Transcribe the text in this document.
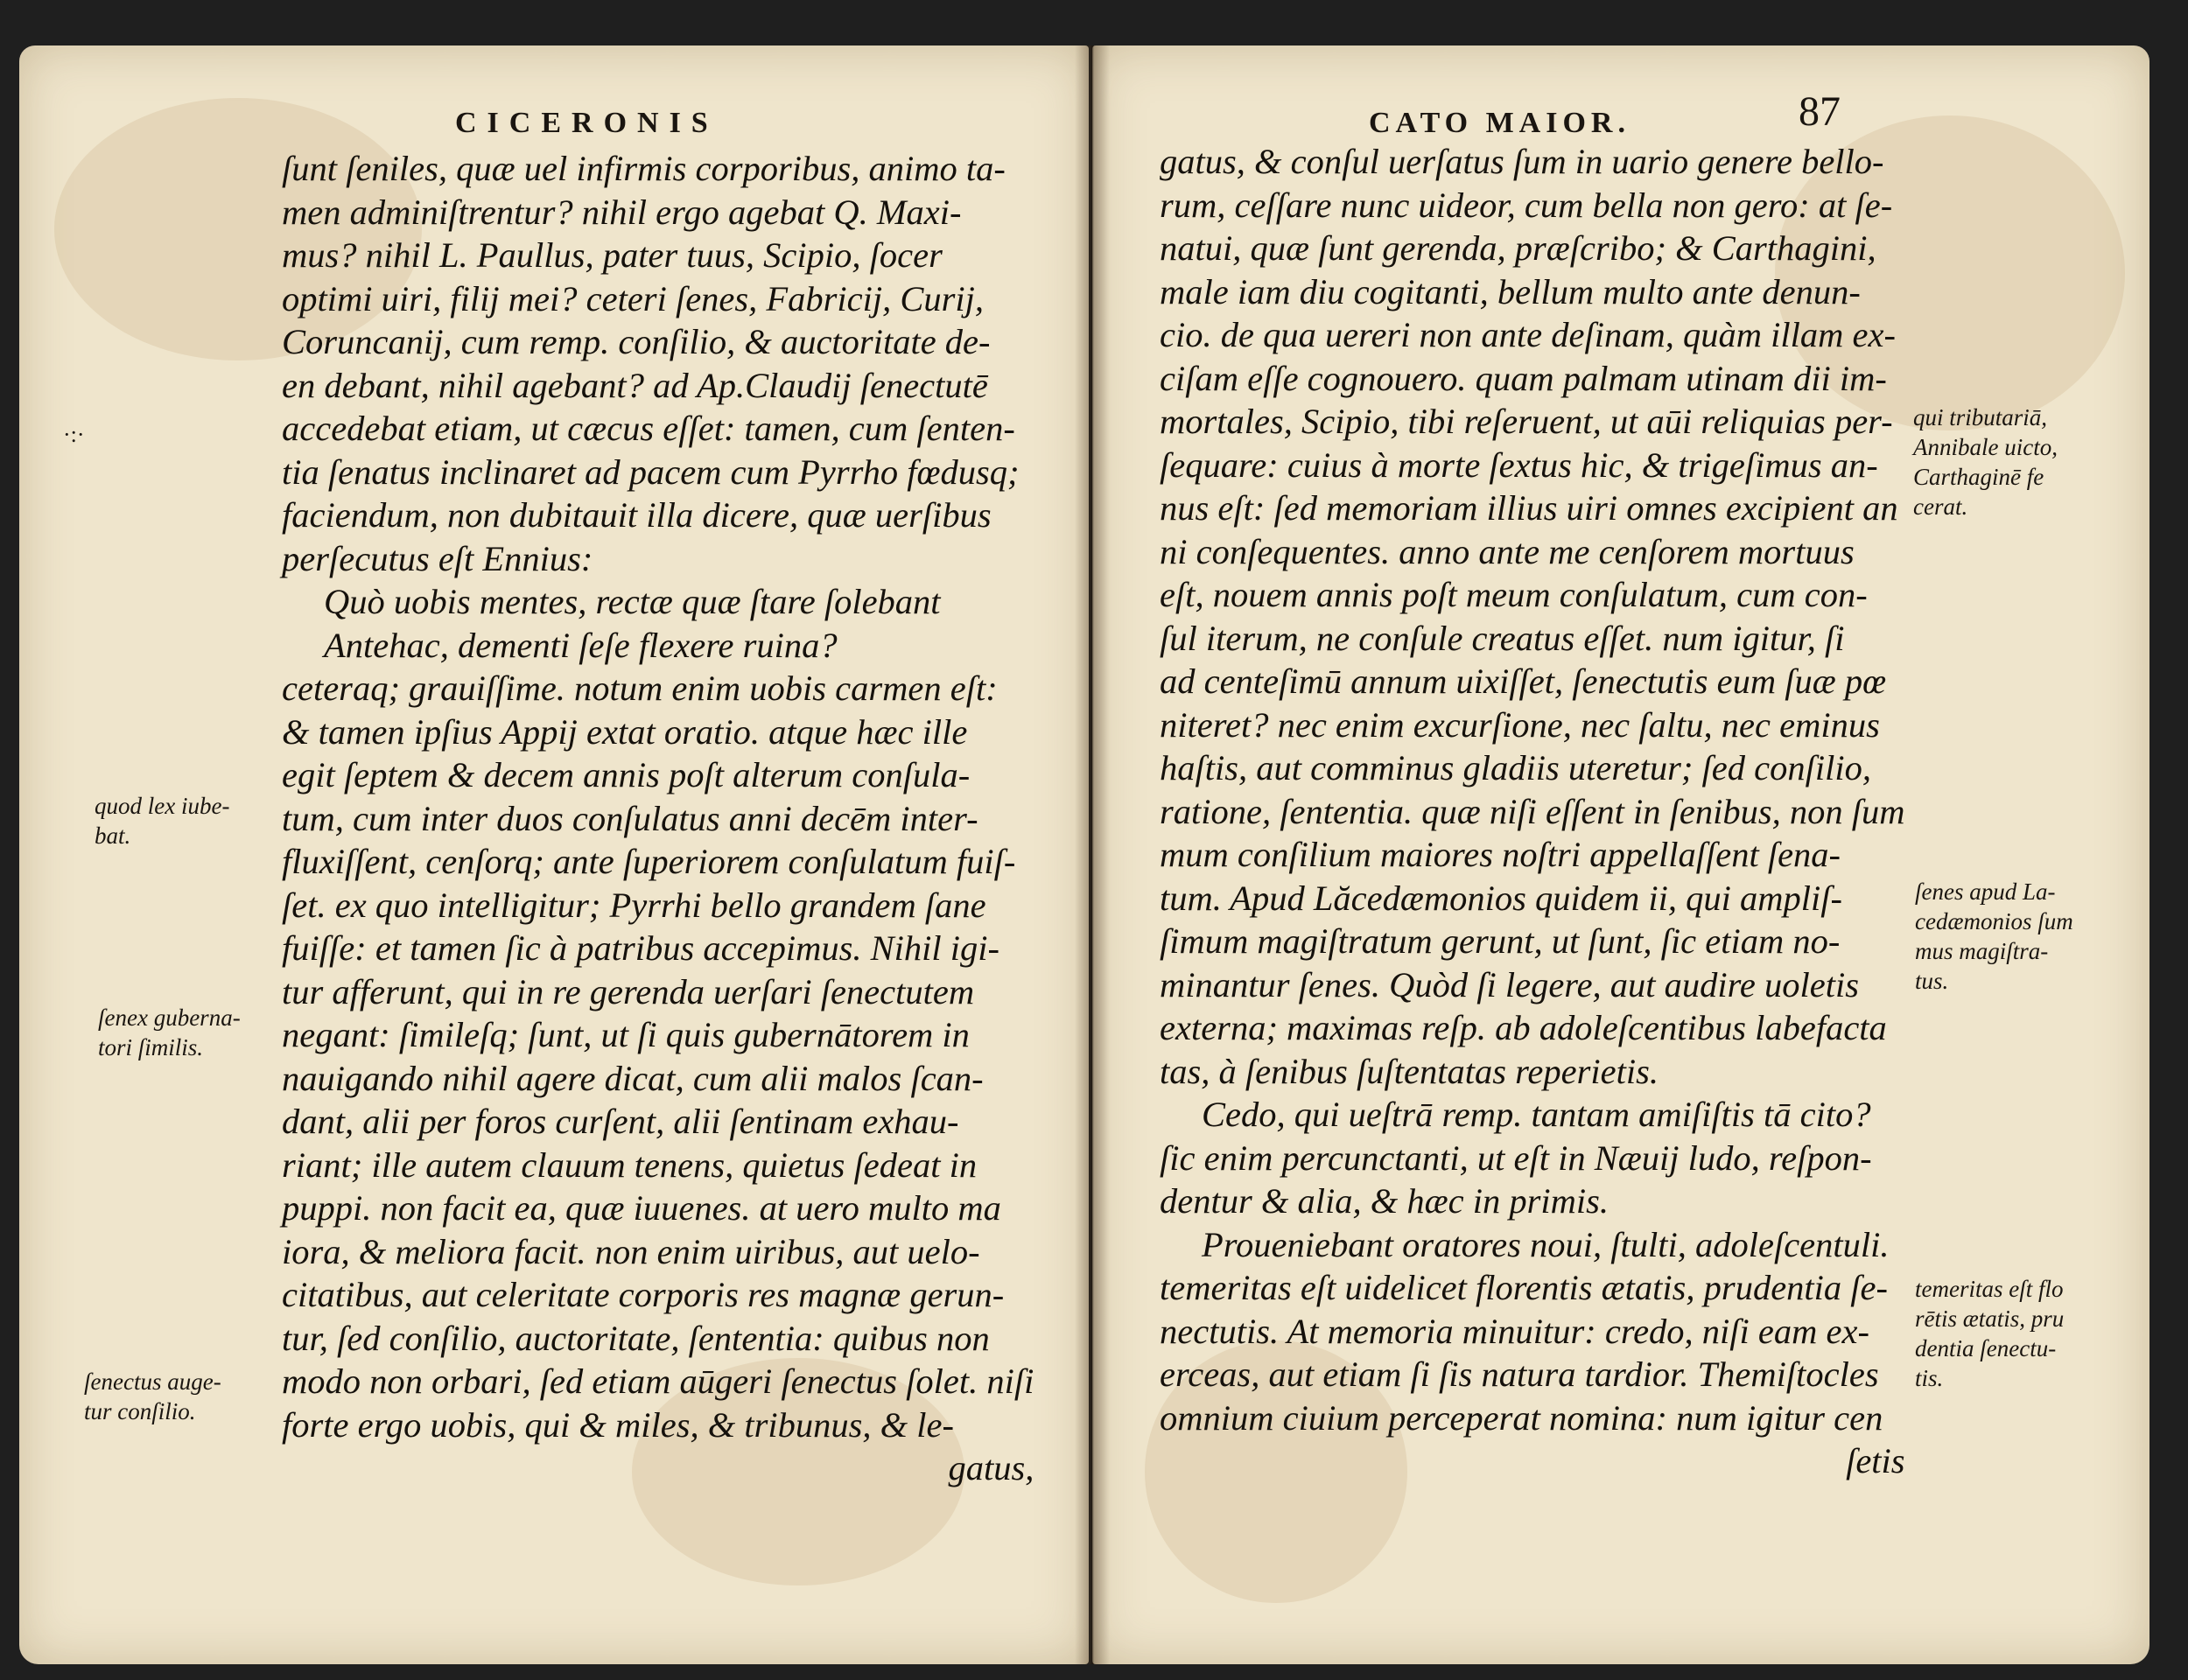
CICERONIS
·:·
ſunt ſeniles, quæ uel infirmis corporibus, animo ta-
men adminiſtrentur? nihil ergo agebat Q. Maxi-
mus? nihil L. Paullus, pater tuus, Scipio, ſocer
optimi uiri, filij mei? ceteri ſenes, Fabricij, Curij,
Coruncanij, cum remp. conſilio, & auctoritate de-
en debant, nihil agebant? ad Ap.Claudij ſenectutē
accedebat etiam, ut cæcus eſſet: tamen, cum ſenten-
tia ſenatus inclinaret ad pacem cum Pyrrho fœdusq;
faciendum, non dubitauit illa dicere, quæ uerſibus
perſecutus eſt Ennius:
Quò uobis mentes, rectæ quæ ſtare ſolebant
Antehac, dementi ſeſe flexere ruina?
ceteraq; grauiſſime. notum enim uobis carmen eſt:
& tamen ipſius Appij extat oratio. atque hæc ille
egit ſeptem & decem annis poſt alterum conſula-
tum, cum inter duos conſulatus anni decēm inter-
fluxiſſent, cenſorq; ante ſuperiorem conſulatum fuiſ-
ſet. ex quo intelligitur; Pyrrhi bello grandem ſane
fuiſſe: et tamen ſic à patribus accepimus. Nihil igi-
tur afferunt, qui in re gerenda uerſari ſenectutem
negant: ſimileſq; ſunt, ut ſi quis gubernātorem in
nauigando nihil agere dicat, cum alii malos ſcan-
dant, alii per foros curſent, alii ſentinam exhau-
riant; ille autem clauum tenens, quietus ſedeat in
puppi. non facit ea, quæ iuuenes. at uero multo ma
iora, & meliora facit. non enim uiribus, aut uelo-
citatibus, aut celeritate corporis res magnæ gerun-
tur, ſed conſilio, auctoritate, ſententia: quibus non
modo non orbari, ſed etiam aūgeri ſenectus ſolet. niſi
forte ergo uobis, qui & miles, & tribunus, & le-
gatus,
quod lex iube-
bat.
ſenex guberna-
tori ſimilis.
ſenectus auge-
tur conſilio.
CATO MAIOR.	87
gatus, & conſul uerſatus ſum in uario genere bello-
rum, ceſſare nunc uideor, cum bella non gero: at ſe-
natui, quæ ſunt gerenda, præſcribo; & Carthagini,
male iam diu cogitanti, bellum multo ante denun-
cio. de qua uereri non ante deſinam, quàm illam ex-
ciſam eſſe cognouero. quam palmam utinam dii im-
mortales, Scipio, tibi reſeruent, ut aūi reliquias per-
ſequare: cuius à morte ſextus hic, & trigeſimus an-
nus eſt: ſed memoriam illius uiri omnes excipient an
ni conſequentes. anno ante me cenſorem mortuus
eſt, nouem annis poſt meum conſulatum, cum con-
ſul iterum, ne conſule creatus eſſet. num igitur, ſi
ad centeſimū annum uixiſſet, ſenectutis eum ſuæ pœ
niteret? nec enim excurſione, nec ſaltu, nec eminus
haſtis, aut comminus gladiis uteretur; ſed conſilio,
ratione, ſententia. quæ niſi eſſent in ſenibus, non ſum
mum conſilium maiores noſtri appellaſſent ſena-
tum. Apud Lăcedæmonios quidem ii, qui ampliſ-
ſimum magiſtratum gerunt, ut ſunt, ſic etiam no-
minantur ſenes. Quòd ſi legere, aut audire uoletis
externa; maximas reſp. ab adoleſcentibus labefacta
tas, à ſenibus ſuſtentatas reperietis.
Cedo, qui ueſtrā remp. tantam amiſiſtis tā cito?
ſic enim percunctanti, ut eſt in Næuij ludo, reſpon-
dentur & alia, & hæc in primis.
Proueniebant oratores noui, ſtulti, adoleſcentuli.
temeritas eſt uidelicet florentis ætatis, prudentia ſe-
nectutis. At memoria minuitur: credo, niſi eam ex-
erceas, aut etiam ſi ſis natura tardior. Themiſtocles
omnium ciuium perceperat nomina: num igitur cen
ſetis
qui tributariā,
Annibale uicto,
Carthaginē fe
cerat.
ſenes apud La-
cedæmonios ſum
mus magiſtra-
tus.
temeritas eſt flo
rētis ætatis, pru
dentia ſenectu-
tis.
